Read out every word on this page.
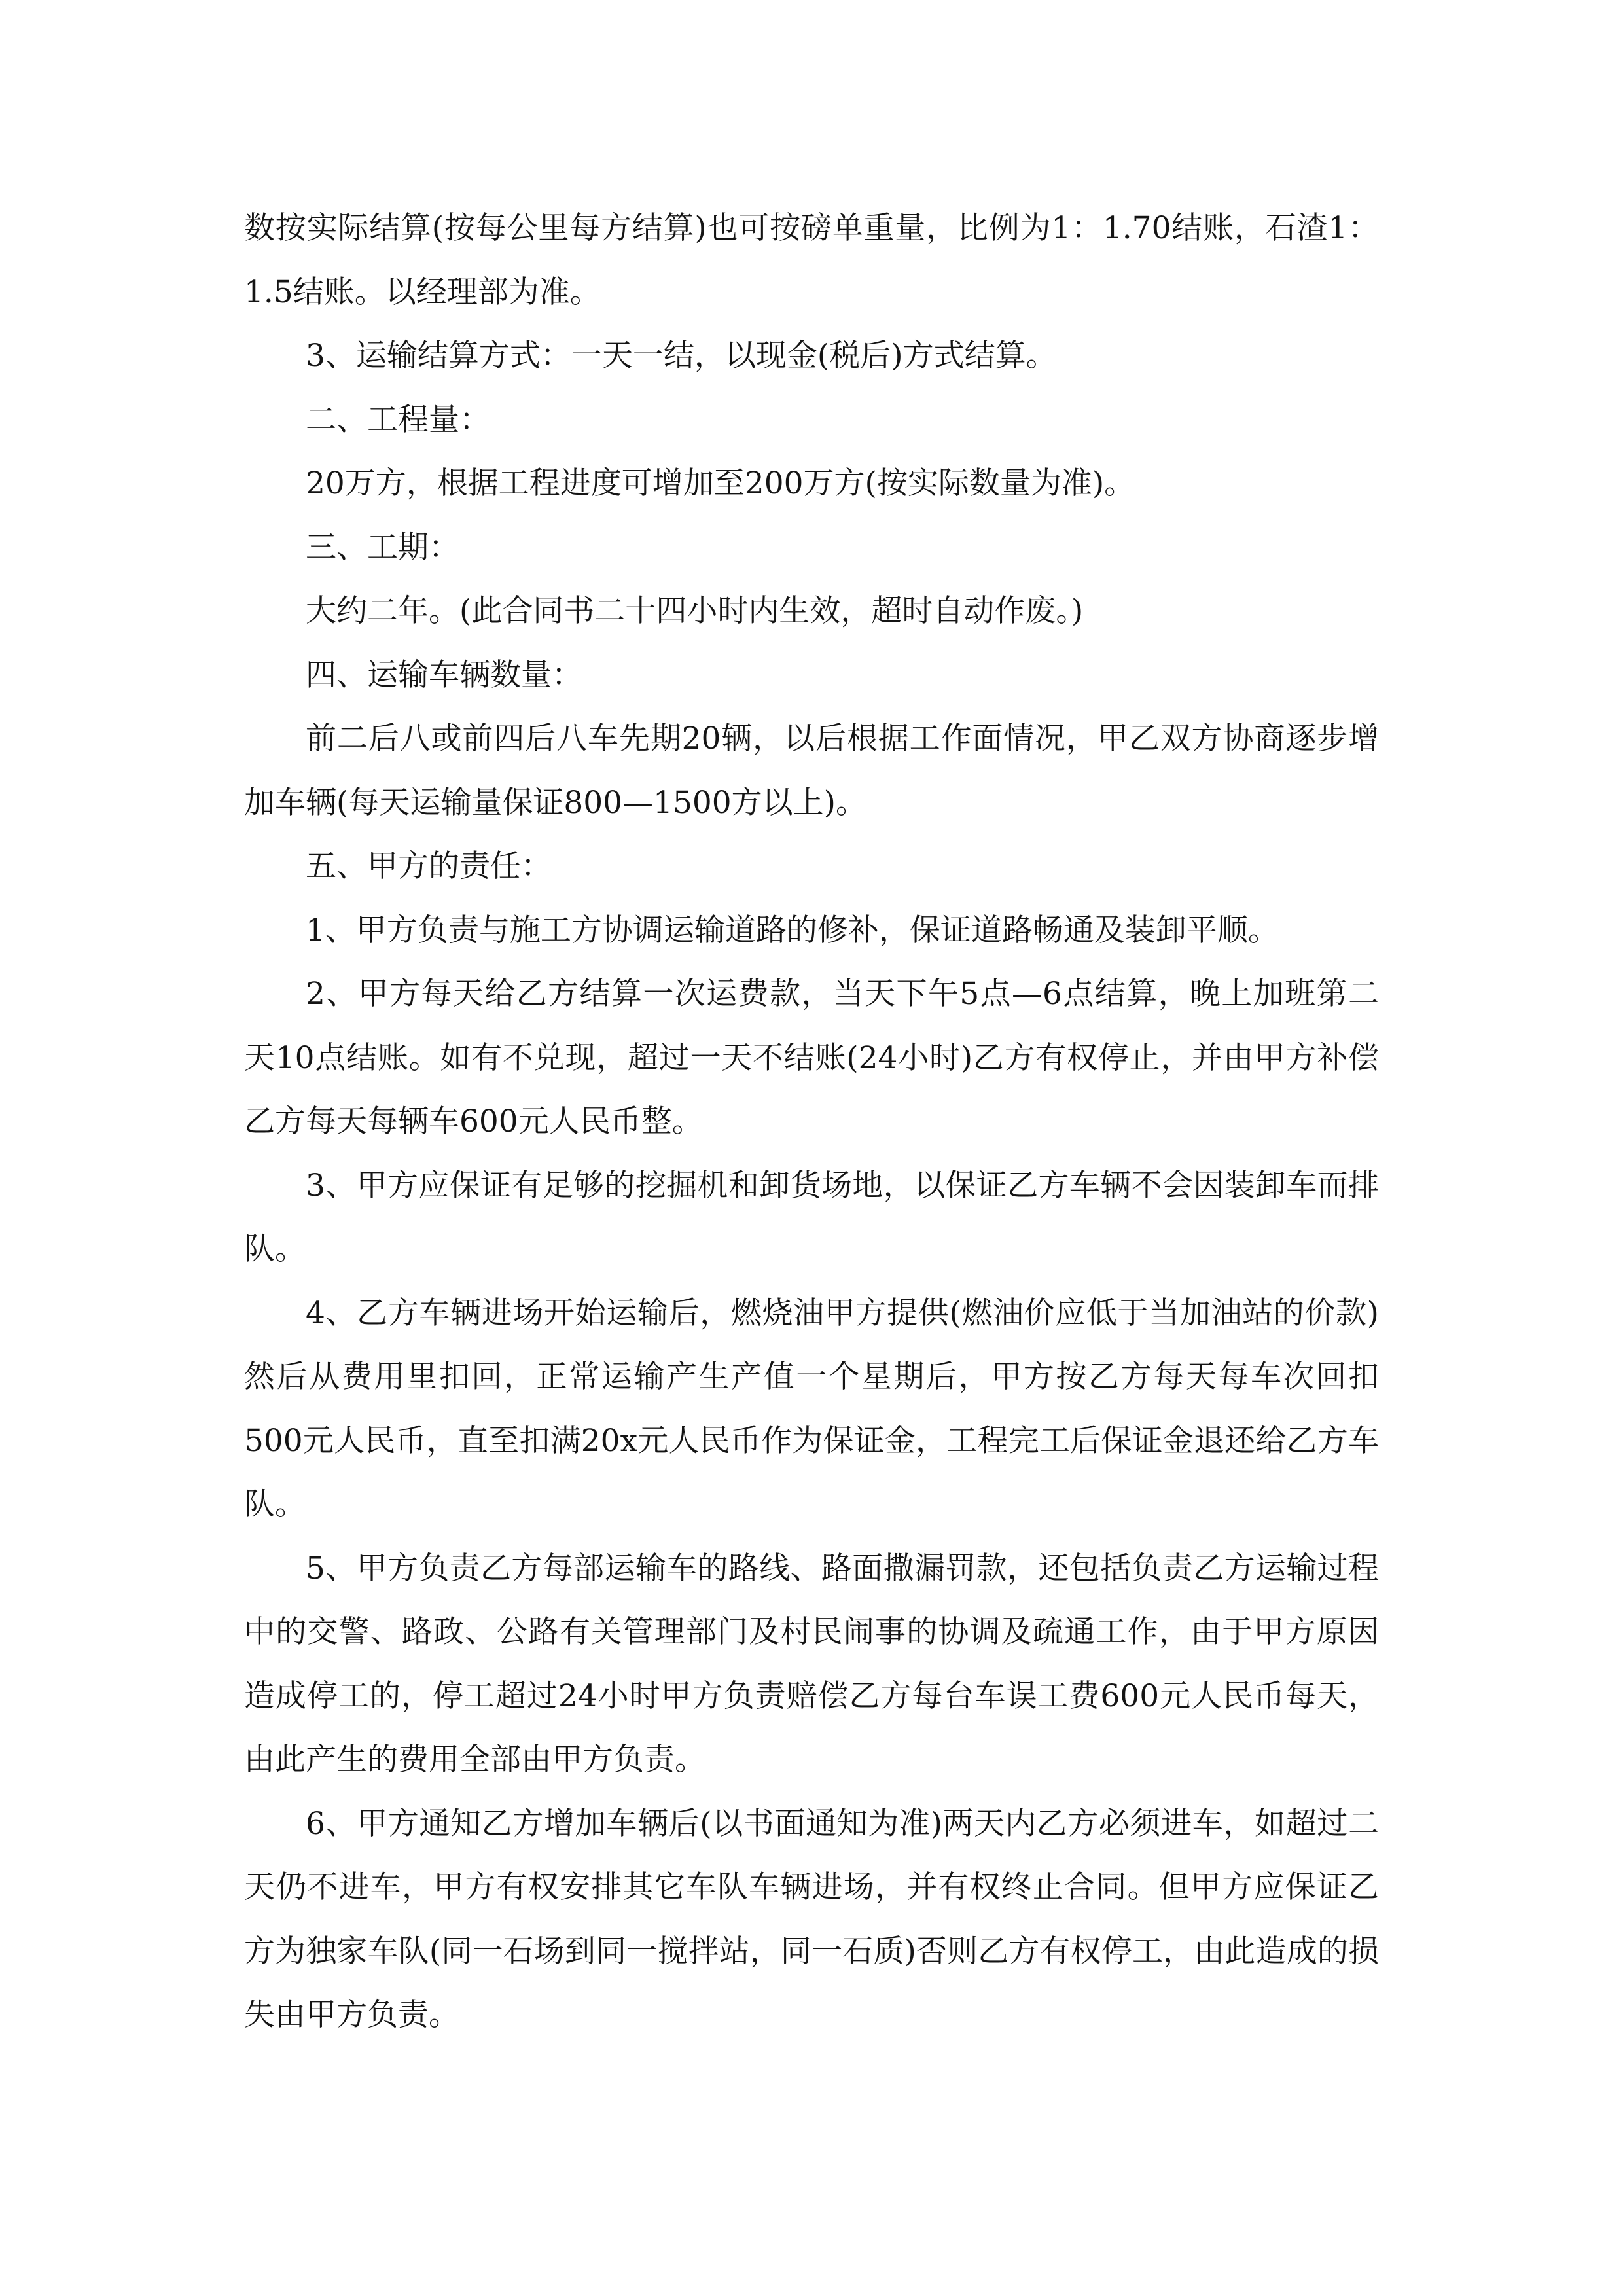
数按实际结算(按每公里每方结算)也可按磅单重量，比例为1：1.70结账，石渣1：1.5结账。以经理部为准。

3、运输结算方式：一天一结，以现金(税后)方式结算。

二、工程量：

20万方，根据工程进度可增加至200万方(按实际数量为准)。

三、工期：

大约二年。(此合同书二十四小时内生效，超时自动作废。)

四、运输车辆数量：

前二后八或前四后八车先期20辆，以后根据工作面情况，甲乙双方协商逐步增加车辆(每天运输量保证800—1500方以上)。

五、甲方的责任：

1、甲方负责与施工方协调运输道路的修补，保证道路畅通及装卸平顺。

2、甲方每天给乙方结算一次运费款，当天下午5点—6点结算，晚上加班第二天10点结账。如有不兑现，超过一天不结账(24小时)乙方有权停止，并由甲方补偿乙方每天每辆车600元人民币整。

3、甲方应保证有足够的挖掘机和卸货场地，以保证乙方车辆不会因装卸车而排队。

4、乙方车辆进场开始运输后，燃烧油甲方提供(燃油价应低于当加油站的价款)然后从费用里扣回，正常运输产生产值一个星期后，甲方按乙方每天每车次回扣500元人民币，直至扣满20x元人民币作为保证金，工程完工后保证金退还给乙方车队。

5、甲方负责乙方每部运输车的路线、路面撒漏罚款，还包括负责乙方运输过程中的交警、路政、公路有关管理部门及村民闹事的协调及疏通工作，由于甲方原因造成停工的，停工超过24小时甲方负责赔偿乙方每台车误工费600元人民币每天，由此产生的费用全部由甲方负责。

6、甲方通知乙方增加车辆后(以书面通知为准)两天内乙方必须进车，如超过二天仍不进车，甲方有权安排其它车队车辆进场，并有权终止合同。但甲方应保证乙方为独家车队(同一石场到同一搅拌站，同一石质)否则乙方有权停工，由此造成的损失由甲方负责。
